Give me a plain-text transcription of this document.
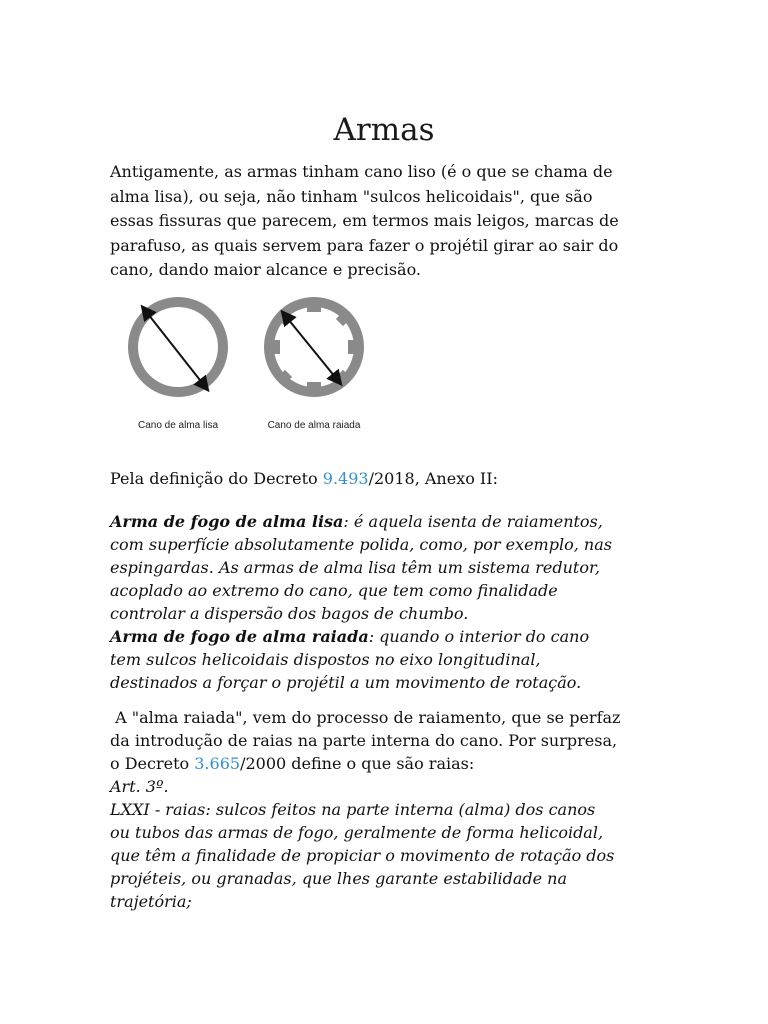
Armas

Antigamente, as armas tinham cano liso (é o que se chama de
alma lisa), ou seja, não tinham "sulcos helicoidais", que são
essas fissuras que parecem, em termos mais leigos, marcas de
parafuso, as quais servem para fazer o projétil girar ao sair do
cano, dando maior alcance e precisão.

Cano de alma lisa	Cano de alma raiada

Pela definição do Decreto 9.493/2018, Anexo II:

Arma de fogo de alma lisa: é aquela isenta de raiamentos,
com superfície absolutamente polida, como, por exemplo, nas
espingardas. As armas de alma lisa têm um sistema redutor,
acoplado ao extremo do cano, que tem como finalidade
controlar a dispersão dos bagos de chumbo.
Arma de fogo de alma raiada: quando o interior do cano
tem sulcos helicoidais dispostos no eixo longitudinal,
destinados a forçar o projétil a um movimento de rotação.

A "alma raiada", vem do processo de raiamento, que se perfaz
da introdução de raias na parte interna do cano. Por surpresa,
o Decreto 3.665/2000 define o que são raias:
Art. 3º.
LXXI - raias: sulcos feitos na parte interna (alma) dos canos
ou tubos das armas de fogo, geralmente de forma helicoidal,
que têm a finalidade de propiciar o movimento de rotação dos
projéteis, ou granadas, que lhes garante estabilidade na
trajetória;
